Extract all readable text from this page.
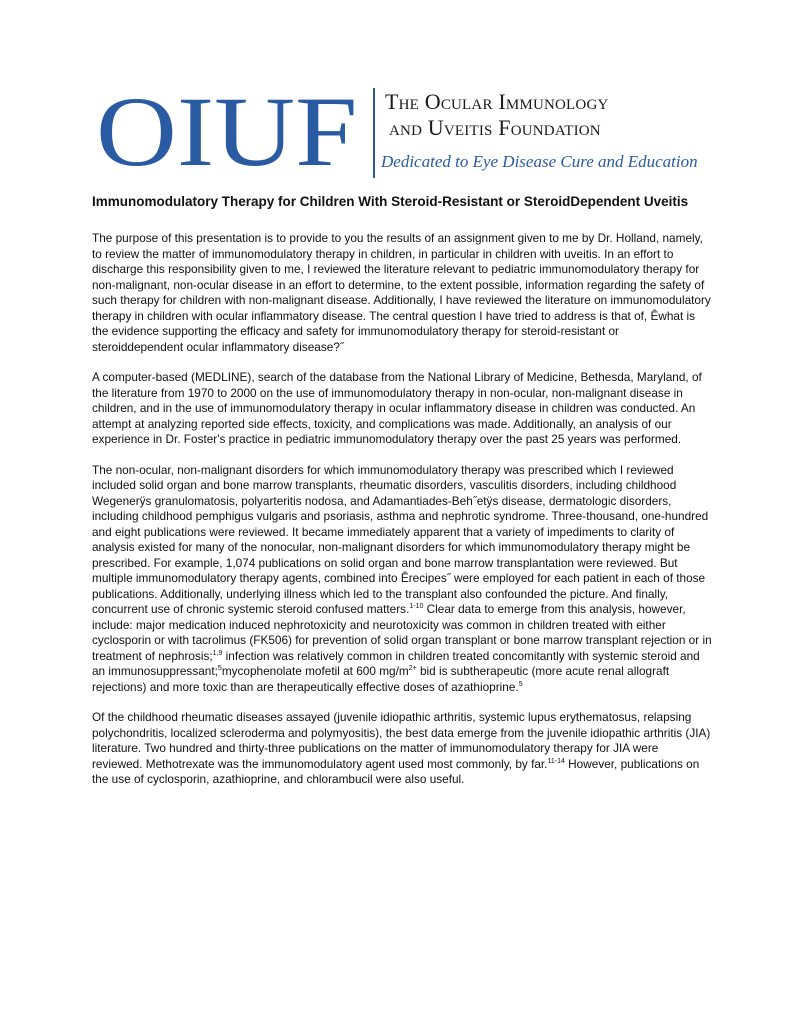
OIUF The Ocular Immunology
and Uveitis Foundation
Dedicated to Eye Disease Cure and Education
Immunomodulatory Therapy for Children With Steroid-Resistant or SteroidDependent Uveitis

The purpose of this presentation is to provide to you the results of an assignment given to me by Dr. Holland, namely, to review the matter of immunomodulatory therapy in children, in particular in children with uveitis. In an effort to discharge this responsibility given to me, I reviewed the literature relevant to pediatric immunomodulatory therapy for non-malignant, non-ocular disease in an effort to determine, to the extent possible, information regarding the safety of such therapy for children with non-malignant disease. Additionally, I have reviewed the literature on immunomodulatory therapy in children with ocular inflammatory disease. The central question I have tried to address is that of, Êwhat is the evidence supporting the efficacy and safety for immunomodulatory therapy for steroid-resistant or steroiddependent ocular inflammatory disease?˝

A computer-based (MEDLINE), search of the database from the National Library of Medicine, Bethesda, Maryland, of the literature from 1970 to 2000 on the use of immunomodulatory therapy in non-ocular, non-malignant disease in children, and in the use of immunomodulatory therapy in ocular inflammatory disease in children was conducted. An attempt at analyzing reported side effects, toxicity, and complications was made. Additionally, an analysis of our experience in Dr. Foster's practice in pediatric immunomodulatory therapy over the past 25 years was performed.

The non-ocular, non-malignant disorders for which immunomodulatory therapy was prescribed which I reviewed included solid organ and bone marrow transplants, rheumatic disorders, vasculitis disorders, including childhood Wegenerÿs granulomatosis, polyarteritis nodosa, and Adamantiades-Beh˝etÿs disease, dermatologic disorders, including childhood pemphigus vulgaris and psoriasis, asthma and nephrotic syndrome. Three-thousand, one-hundred and eight publications were reviewed. It became immediately apparent that a variety of impediments to clarity of analysis existed for many of the nonocular, non-malignant disorders for which immunomodulatory therapy might be prescribed. For example, 1,074 publications on solid organ and bone marrow transplantation were reviewed. But multiple immunomodulatory therapy agents, combined into Êrecipes˝ were employed for each patient in each of those publications. Additionally, underlying illness which led to the transplant also confounded the picture. And finally, concurrent use of chronic systemic steroid confused matters.$^{1-10}$ Clear data to emerge from this analysis, however, include: major medication induced nephrotoxicity and neurotoxicity was common in children treated with either cyclosporin or with tacrolimus (FK506) for prevention of solid organ transplant or bone marrow transplant rejection or in treatment of nephrosis;$^{1,9}$ infection was relatively common in children treated concomitantly with systemic steroid and an immunosuppressant;$^5$mycophenolate mofetil at 600 $mg/m^{2+}$ bid is subtherapeutic (more acute renal allograft rejections) and more toxic than are therapeutically effective doses of azathioprine.$^5$

Of the childhood rheumatic diseases assayed (juvenile idiopathic arthritis, systemic lupus erythematosus, relapsing polychondritis, localized scleroderma and polymyositis), the best data emerge from the juvenile idiopathic arthritis (JIA) literature. Two hundred and thirty-three publications on the matter of immunomodulatory therapy for JIA were reviewed. Methotrexate was the immunomodulatory agent used most commonly, by far.$^{11-14}$ However, publications on the use of cyclosporin, azathioprine, and chlorambucil were also useful.
